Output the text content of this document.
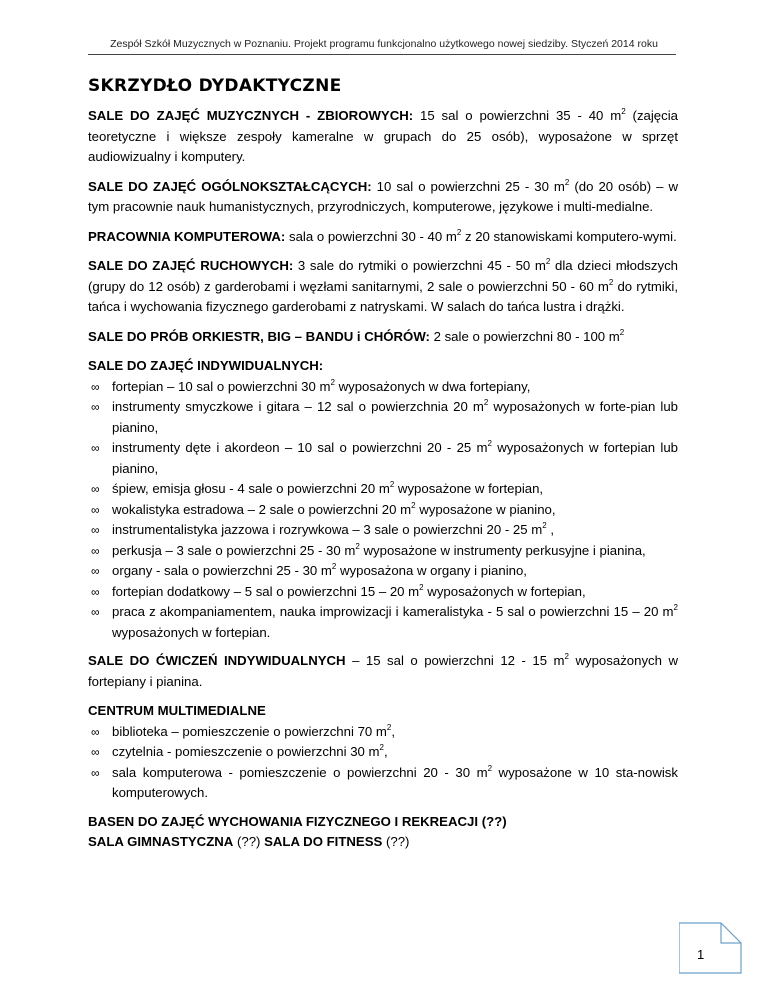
Zespół Szkół Muzycznych w Poznaniu. Projekt programu funkcjonalno użytkowego nowej siedziby. Styczeń 2014 roku
SKRZYDŁO DYDAKTYCZNE

SALE DO ZAJĘĆ MUZYCZNYCH - ZBIOROWYCH: 15 sal o powierzchni 35 - 40 $m^2$ (zajęcia teoretyczne i większe zespoły kameralne w grupach do 25 osób), wyposażone w sprzęt audiowizualny i komputery.

SALE DO ZAJĘĆ OGÓLNOKSZTAŁCĄCYCH: 10 sal o powierzchni 25 - 30 $m^2$ (do 20 osób) – w tym pracownie nauk humanistycznych, przyrodniczych, komputerowe, językowe i multi-medialne.

PRACOWNIA KOMPUTEROWA: sala o powierzchni 30 - 40 $m^2$ z 20 stanowiskami komputero-wymi.

SALE DO ZAJĘĆ RUCHOWYCH: 3 sale do rytmiki o powierzchni 45 - 50 $m^2$ dla dzieci młodszych (grupy do 12 osób) z garderobami i węzłami sanitarnymi, 2 sale o powierzchni 50 - 60 $m^2$ do rytmiki, tańca i wychowania fizycznego garderobami z natryskami. W salach do tańca lustra i drążki.

SALE DO PRÓB ORKIESTR, BIG – BANDU i CHÓRÓW: 2 sale o powierzchni 80 - 100 $m^2$

SALE DO ZAJĘĆ INDYWIDUALNYCH:

∞ fortepian – 10 sal o powierzchni 30 $m^2$ wyposażonych w dwa fortepiany,
∞ instrumenty smyczkowe i gitara – 12 sal o powierzchnia 20 $m^2$ wyposażonych w forte-pian lub pianino,
∞ instrumenty dęte i akordeon – 10 sal o powierzchni 20 - 25 $m^2$ wyposażonych w fortepian lub pianino,
∞ śpiew, emisja głosu - 4 sale o powierzchni 20 $m^2$ wyposażone w fortepian,
∞ wokalistyka estradowa – 2 sale o powierzchni 20 $m^2$ wyposażone w pianino,
∞ instrumentalistyka jazzowa i rozrywkowa – 3 sale o powierzchni 20 - 25 $m^2$ ,
∞ perkusja – 3 sale o powierzchni 25 - 30 $m^2$ wyposażone w instrumenty perkusyjne i pianina,
∞ organy - sala o powierzchni 25 - 30 $m^2$ wyposażona w organy i pianino,
∞ fortepian dodatkowy – 5 sal o powierzchni 15 – 20 $m^2$ wyposażonych w fortepian,
∞ praca z akompaniamentem, nauka improwizacji i kameralistyka - 5 sal o powierzchni 15 – 20 $m^2$ wyposażonych w fortepian.

SALE DO ĆWICZEŃ INDYWIDUALNYCH – 15 sal o powierzchni 12 - 15 $m^2$ wyposażonych w fortepiany i pianina.

CENTRUM MULTIMEDIALNE

∞ biblioteka – pomieszczenie o powierzchni 70 $m^2$,
∞ czytelnia - pomieszczenie o powierzchni 30 $m^2$,
∞ sala komputerowa - pomieszczenie o powierzchni 20 - 30 $m^2$ wyposażone w 10 sta-nowisk komputerowych.

BASEN DO ZAJĘĆ WYCHOWANIA FIZYCZNEGO I REKREACJI (??)

SALA GIMNASTYCZNA (??) SALA DO FITNESS (??)

1
